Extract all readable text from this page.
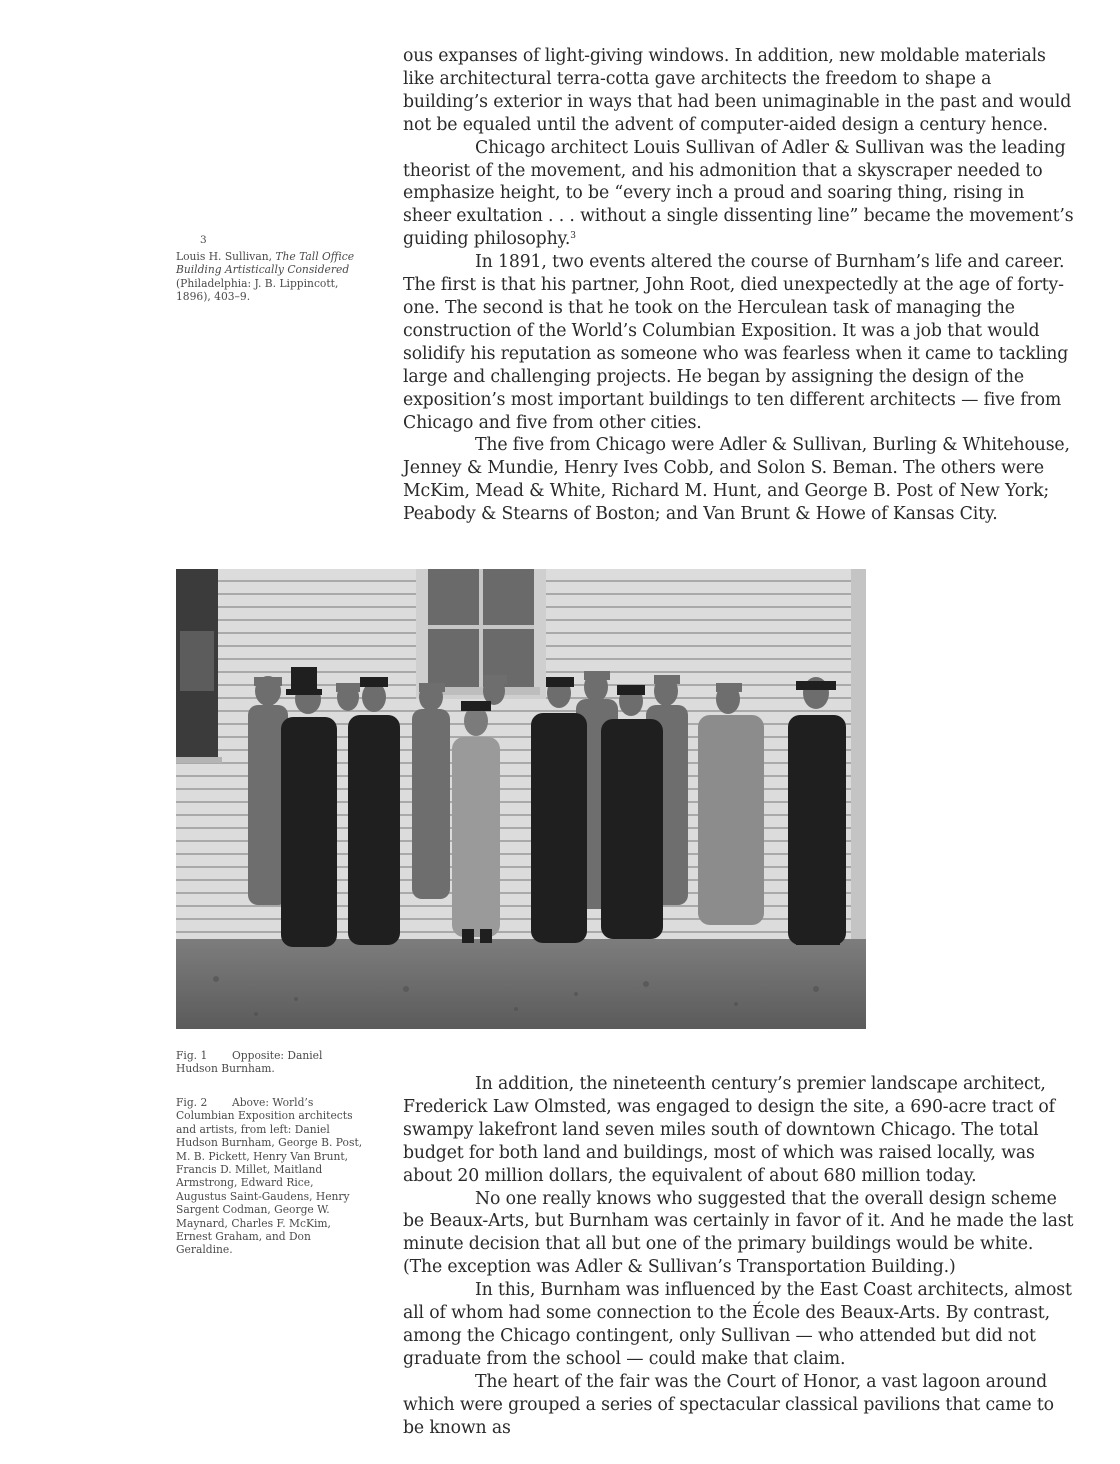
ous expanses of light-giving windows. In addition, new moldable materials like architectural terra-cotta gave architects the freedom to shape a building’s exterior in ways that had been unimaginable in the past and would not be equaled until the advent of computer-aided design a century hence.

Chicago architect Louis Sullivan of Adler & Sullivan was the leading theorist of the movement, and his admonition that a skyscraper needed to emphasize height, to be “every inch a proud and soaring thing, rising in sheer exultation . . . without a single dissenting line” became the movement’s guiding philosophy.$^3$

In 1891, two events altered the course of Burnham’s life and career. The first is that his partner, John Root, died unexpectedly at the age of forty-one. The second is that he took on the Herculean task of managing the construction of the World’s Columbian Exposition. It was a job that would solidify his reputation as someone who was fearless when it came to tackling large and challenging projects. He began by assigning the design of the exposition’s most important buildings to ten different architects — five from Chicago and five from other cities.

The five from Chicago were Adler & Sullivan, Burling & Whitehouse, Jenney & Mundie, Henry Ives Cobb, and Solon S. Beman. The others were McKim, Mead & White, Richard M. Hunt, and George B. Post of New York; Peabody & Stearns of Boston; and Van Brunt & Howe of Kansas City.

3
Louis H. Sullivan, The Tall Office Building Artistically Considered (Philadelphia: J. B. Lippincott, 1896), 403–9.
Fig. 1 Opposite: Daniel Hudson Burnham.
Fig. 2 Above: World’s Columbian Exposition architects and artists, from left: Daniel Hudson Burnham, George B. Post, M. B. Pickett, Henry Van Brunt, Francis D. Millet, Maitland Armstrong, Edward Rice, Augustus Saint-Gaudens, Henry Sargent Codman, George W. Maynard, Charles F. McKim, Ernest Graham, and Don Geraldine.

In addition, the nineteenth century’s premier landscape architect, Frederick Law Olmsted, was engaged to design the site, a 690-acre tract of swampy lakefront land seven miles south of downtown Chicago. The total budget for both land and buildings, most of which was raised locally, was about 20 million dollars, the equivalent of about 680 million today.

No one really knows who suggested that the overall design scheme be Beaux-Arts, but Burnham was certainly in favor of it. And he made the last minute decision that all but one of the primary buildings would be white. (The exception was Adler & Sullivan’s Transportation Building.)

In this, Burnham was influenced by the East Coast architects, almost all of whom had some connection to the École des Beaux-Arts. By contrast, among the Chicago contingent, only Sullivan — who attended but did not graduate from the school — could make that claim.

The heart of the fair was the Court of Honor, a vast lagoon around which were grouped a series of spectacular classical pavilions that came to be known as
